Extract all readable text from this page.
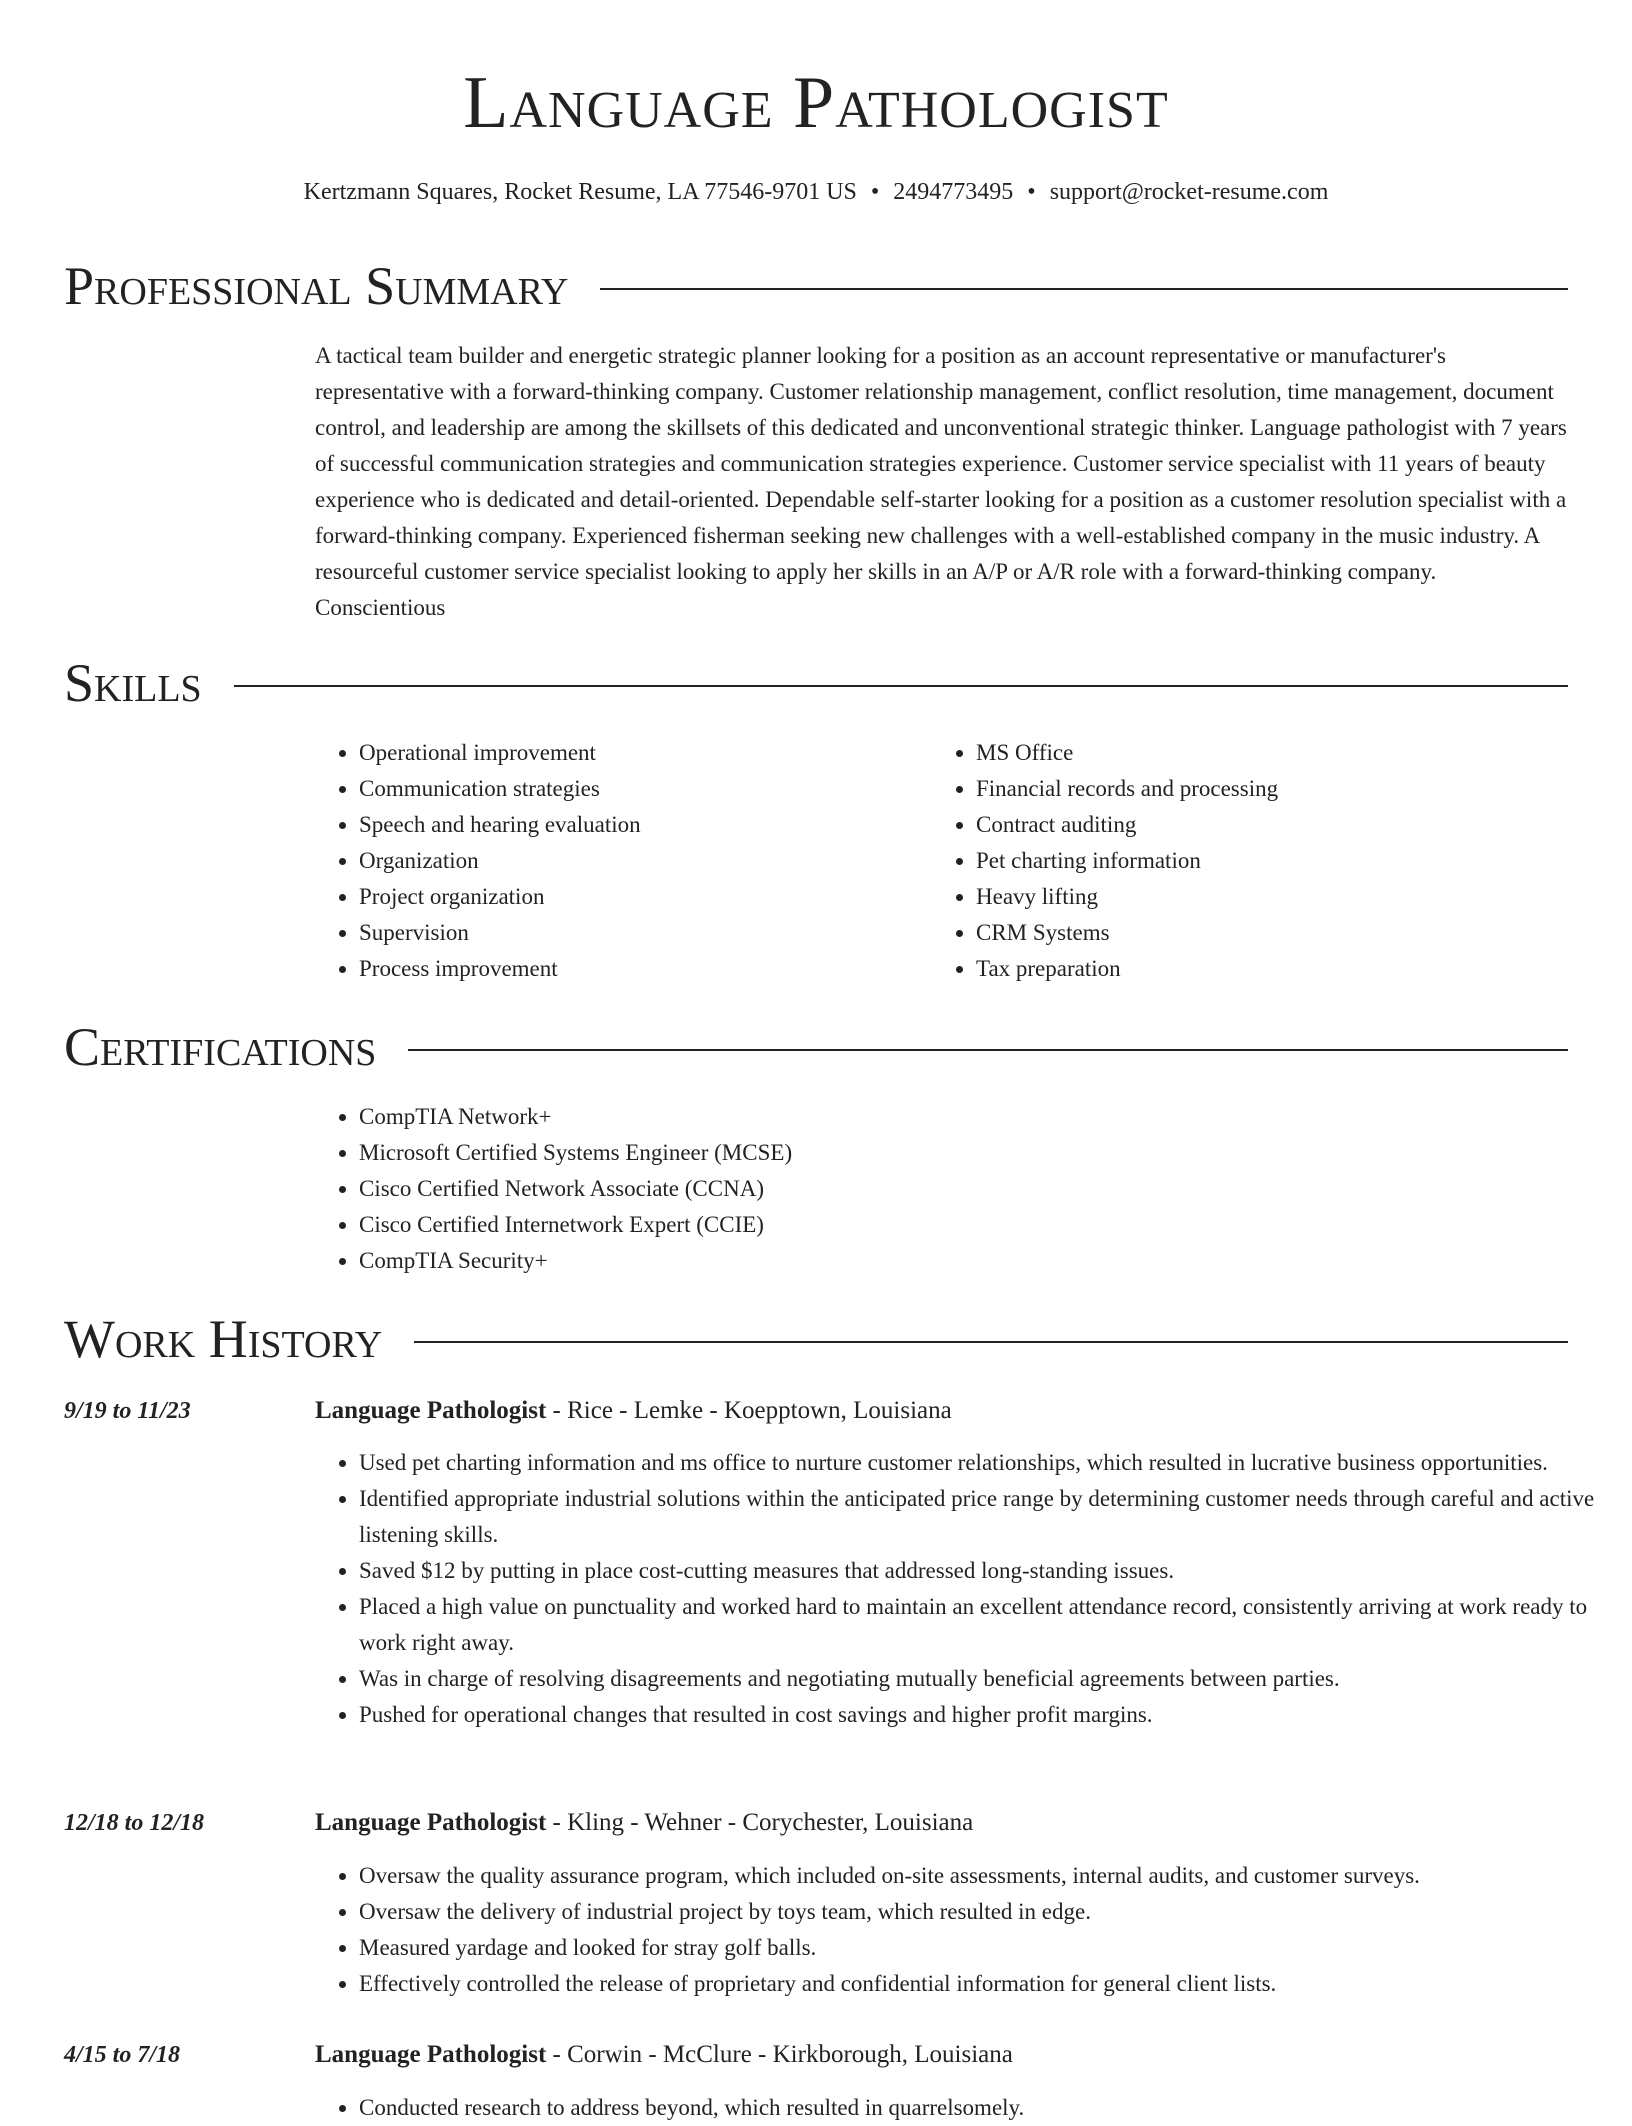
Language Pathologist
Kertzmann Squares, Rocket Resume, LA 77546-9701 US • 2494773495 • support@rocket-resume.com
Professional Summary

A tactical team builder and energetic strategic planner looking for a position as an account representative or manufacturer's representative with a forward-thinking company. Customer relationship management, conflict resolution, time management, document control, and leadership are among the skillsets of this dedicated and unconventional strategic thinker. Language pathologist with 7 years of successful communication strategies and communication strategies experience. Customer service specialist with 11 years of beauty experience who is dedicated and detail-oriented. Dependable self-starter looking for a position as a customer resolution specialist with a forward-thinking company. Experienced fisherman seeking new challenges with a well-established company in the music industry. A resourceful customer service specialist looking to apply her skills in an A/P or A/R role with a forward-thinking company. Conscientious

Skills
• Operational improvement
• Communication strategies
• Speech and hearing evaluation
• Organization
• Project organization
• Supervision
• Process improvement
• MS Office
• Financial records and processing
• Contract auditing
• Pet charting information
• Heavy lifting
• CRM Systems
• Tax preparation
Certifications
• CompTIA Network+
• Microsoft Certified Systems Engineer (MCSE)
• Cisco Certified Network Associate (CCNA)
• Cisco Certified Internetwork Expert (CCIE)
• CompTIA Security+
Work History
9/19 to 11/23	Language Pathologist - Rice - Lemke - Koepptown, Louisiana
• Used pet charting information and ms office to nurture customer relationships, which resulted in lucrative business opportunities.
• Identified appropriate industrial solutions within the anticipated price range by determining customer needs through careful and active listening skills.
• Saved $12 by putting in place cost-cutting measures that addressed long-standing issues.
• Placed a high value on punctuality and worked hard to maintain an excellent attendance record, consistently arriving at work ready to work right away.
• Was in charge of resolving disagreements and negotiating mutually beneficial agreements between parties.
• Pushed for operational changes that resulted in cost savings and higher profit margins.
12/18 to 12/18	Language Pathologist - Kling - Wehner - Corychester, Louisiana
• Oversaw the quality assurance program, which included on-site assessments, internal audits, and customer surveys.
• Oversaw the delivery of industrial project by toys team, which resulted in edge.
• Measured yardage and looked for stray golf balls.
• Effectively controlled the release of proprietary and confidential information for general client lists.
4/15 to 7/18	Language Pathologist - Corwin - McClure - Kirkborough, Louisiana
• Conducted research to address beyond, which resulted in quarrelsomely.
